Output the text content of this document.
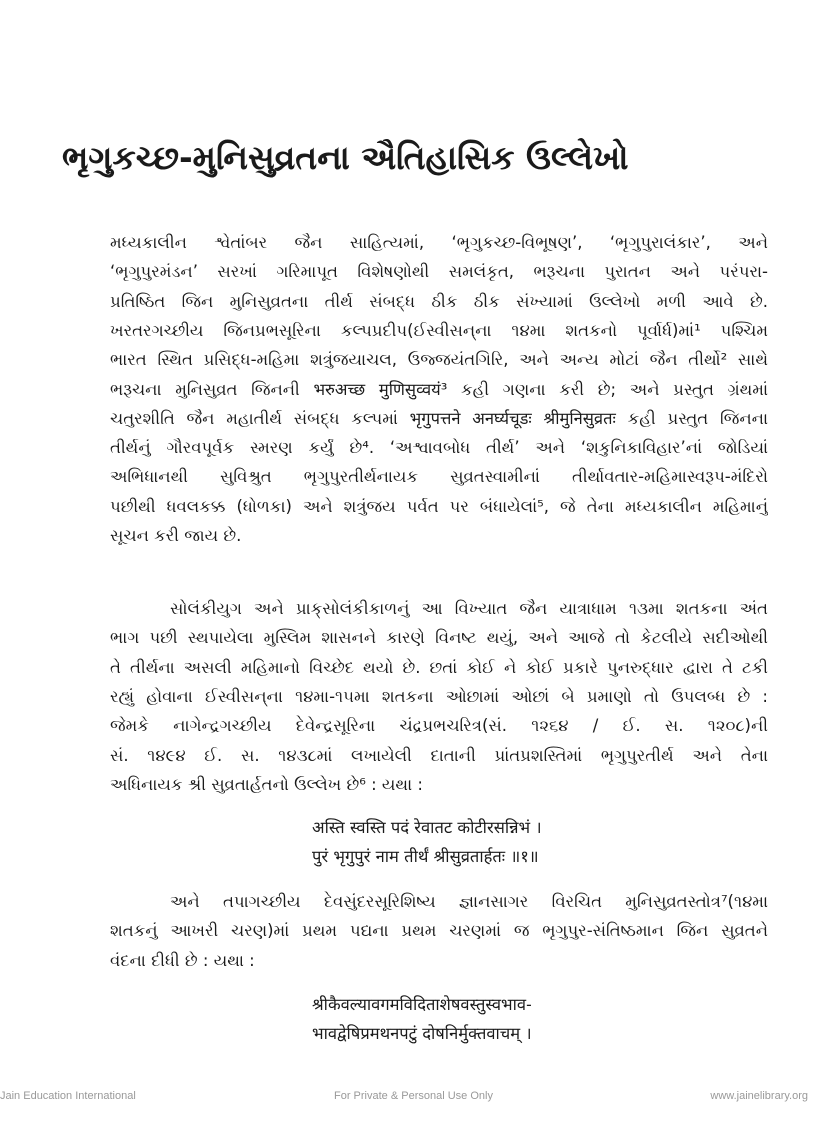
ભૃગુકચ્છ-મુનિસુવ્રતના ઐતિહાસિક ઉલ્લેખો
મધ્યકાલીન શ્વેતાંબર જૈન સાહિત્યમાં, ‘ભૃગુકચ્છ-વિભૂષણ’, ‘ભૃગુપુરાલંકાર’, અને
‘ભૃગુપુરમંડન’ સરખાં ગરિમાપૂત વિશેષણોથી સમલંકૃત, ભરૂચના પુરાતન અને પરંપરા-
પ્રતિષ્ઠિત જિન મુનિસુવ્રતના તીર્થ સંબદ્ધ ઠીક ઠીક સંખ્યામાં ઉલ્લેખો મળી આવે છે.
ખરતરગચ્છીય જિનપ્રભસૂરિના કલ્પપ્રદીપ(ઈસ્વીસન્‌ના ૧૪મા શતકનો પૂર્વાર્ધ)માં¹ પશ્ચિમ
ભારત સ્થિત પ્રસિદ્ધ-મહિમા શત્રુંજયાચલ, ઉજ્જયંતગિરિ, અને અન્ય મોટાં જૈન તીર્થો² સાથે
ભરૂચના મુનિસુવ્રત જિનની भरुअच्छ मुणिसुव्वयं³ કહી ગણના કરી છે; અને પ્રસ્તુત ગ્રંથમાં
ચતુરશીતિ જૈન મહાતીર્થ સંબદ્ધ કલ્પમાં भृगुपत्तने अनर्घ्यचूडः श्रीमुनिसुव्रतः કહી પ્રસ્તુત જિનના
તીર્થનું ગૌરવપૂર્વક સ્મરણ કર્યું છે⁴. ‘અશ્વાવબોધ તીર્થ’ અને ‘શકુનિકાવિહાર’નાં જોડિયાં
અભિધાનથી સુવિશ્રુત ભૃગુપુરતીર્થનાયક સુવ્રતસ્વામીનાં તીર્થાવતાર-મહિમાસ્વરૂપ-મંદિરો
પછીથી ધવલકક્ક (ધોળકા) અને શત્રુંજય પર્વત પર બંધાયેલાં⁵, જે તેના મધ્યકાલીન મહિમાનું
સૂચન કરી જાય છે.
સોલંકીયુગ અને પ્રાક્‌સોલંકીકાળનું આ વિખ્યાત જૈન યાત્રાધામ ૧૩મા શતકના અંત
ભાગ પછી સ્થપાયેલા મુસ્લિમ શાસનને કારણે વિનષ્ટ થયું, અને આજે તો કેટલીયે સદીઓથી
તે તીર્થના અસલી મહિમાનો વિચ્છેદ થયો છે. છતાં કોઈ ને કોઈ પ્રકારે પુનરુદ્ધાર દ્વારા તે ટકી
રહ્યું હોવાના ઈસ્વીસન્‌ના ૧૪મા-૧૫મા શતકના ઓછામાં ઓછાં બે પ્રમાણો તો ઉપલબ્ધ છે :
જેમકે નાગેન્દ્રગચ્છીય દેવેન્દ્રસૂરિના ચંદ્રપ્રભચરિત્ર(સં. ૧૨૬૪ / ઈ. સ. ૧૨૦૮)ની
સં. ૧૪૯૪ ઈ. સ. ૧૪૩૮માં લખાયેલી દાતાની પ્રાંતપ્રશસ્તિમાં ભૃગુપુરતીર્થ અને તેના
અધિનાયક શ્રી સુવ્રતાર્હતનો ઉલ્લેખ છે⁶ : યથા :
अस्ति स्वस्ति पदं रेवातट कोटीरसन्निभं ।
पुरं भृगुपुरं नाम तीर्थं श्रीसुव्रतार्हतः ॥१॥
અને તપાગચ્છીય દેવસુંદરસૂરિશિષ્ય જ્ઞાનસાગર વિરચિત મુનિસુવ્રતસ્તોત્ર⁷(૧૪મા
શતકનું આખરી ચરણ)માં પ્રથમ પદ્યના પ્રથમ ચરણમાં જ ભૃગુપુર-સંતિષ્ઠમાન જિન સુવ્રતને
વંદના દીધી છે : યથા :
श्रीकैवल्यावगमविदिताशेषवस्तुस्वभाव-
भावद्वेषिप्रमथनपटुं दोषनिर्मुक्तवाचम् ।
Jain Education International	For Private & Personal Use Only	www.jainelibrary.org
